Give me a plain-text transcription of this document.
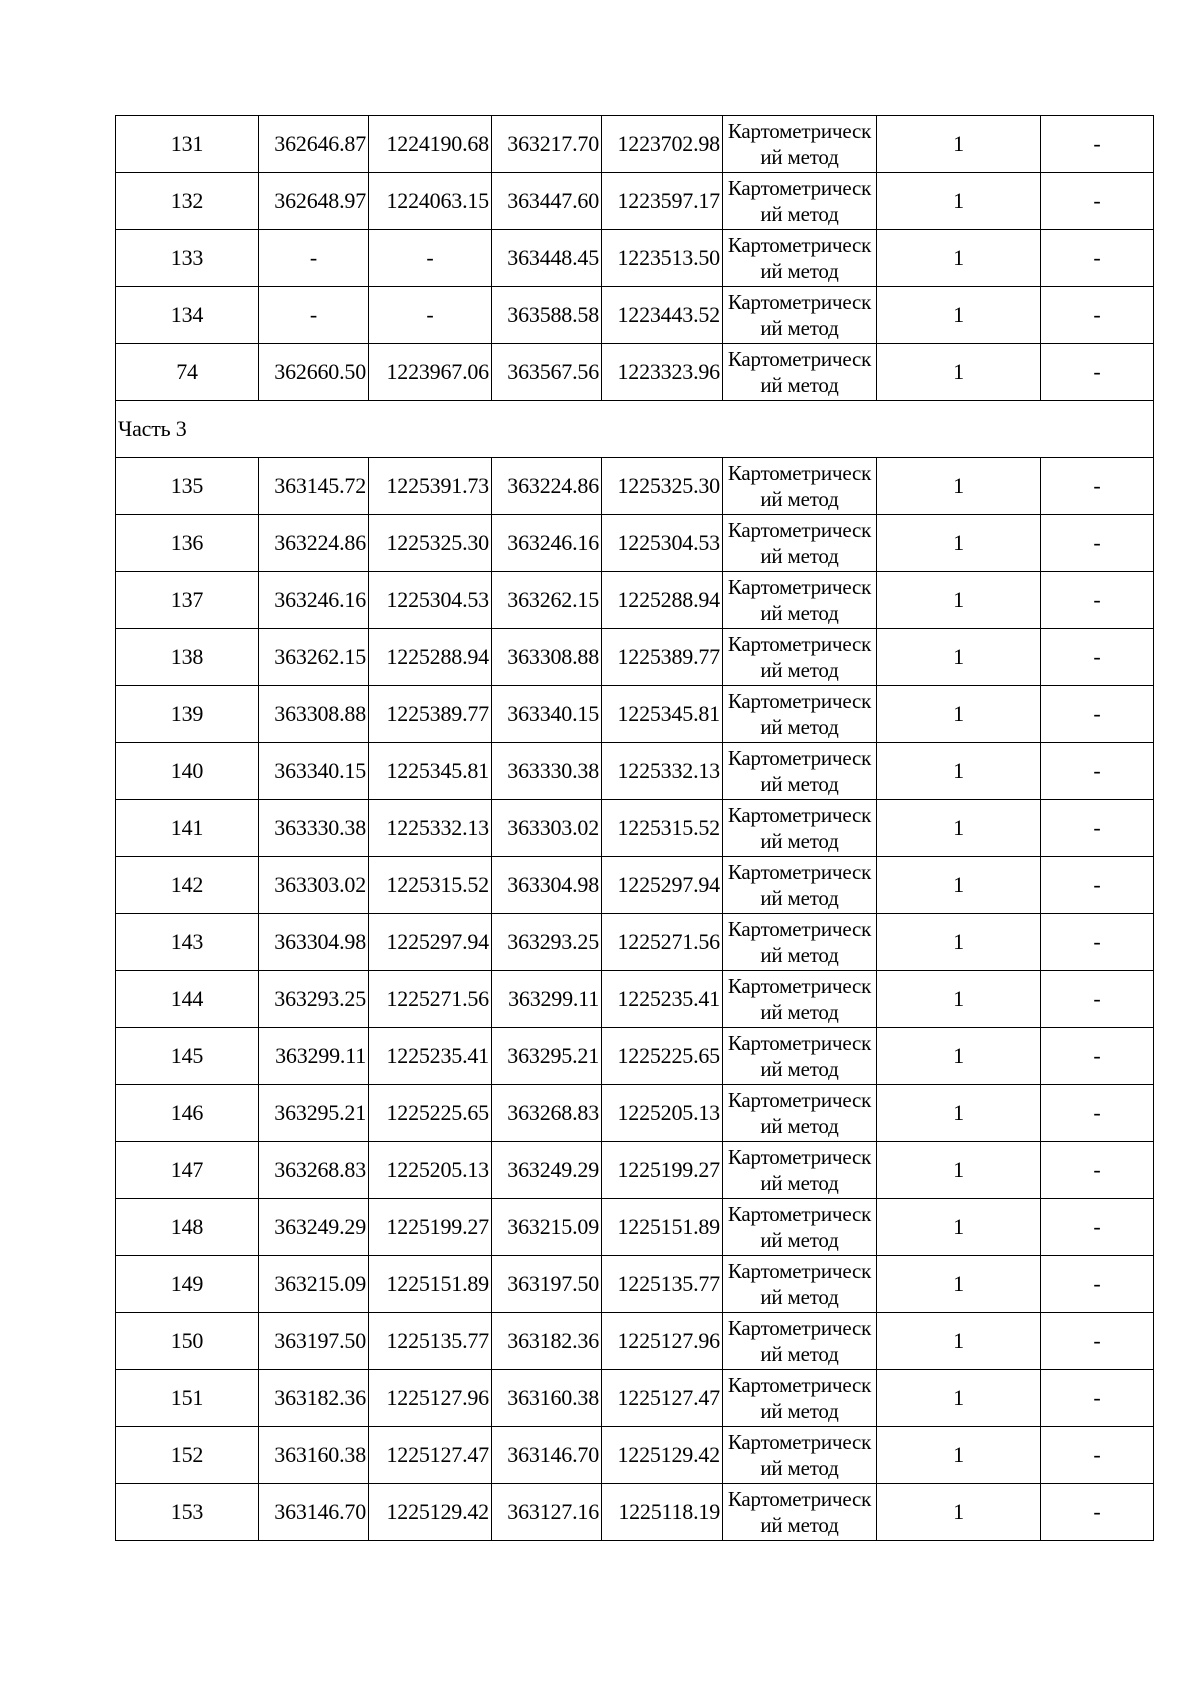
131	362646.87	1224190.68	363217.70	1223702.98	Картометрический метод	1	-
132	362648.97	1224063.15	363447.60	1223597.17	Картометрический метод	1	-
133	-	-	363448.45	1223513.50	Картометрический метод	1	-
134	-	-	363588.58	1223443.52	Картометрический метод	1	-
74	362660.50	1223967.06	363567.56	1223323.96	Картометрический метод	1	-
Часть 3							
135	363145.72	1225391.73	363224.86	1225325.30	Картометрический метод	1	-
136	363224.86	1225325.30	363246.16	1225304.53	Картометрический метод	1	-
137	363246.16	1225304.53	363262.15	1225288.94	Картометрический метод	1	-
138	363262.15	1225288.94	363308.88	1225389.77	Картометрический метод	1	-
139	363308.88	1225389.77	363340.15	1225345.81	Картометрический метод	1	-
140	363340.15	1225345.81	363330.38	1225332.13	Картометрический метод	1	-
141	363330.38	1225332.13	363303.02	1225315.52	Картометрический метод	1	-
142	363303.02	1225315.52	363304.98	1225297.94	Картометрический метод	1	-
143	363304.98	1225297.94	363293.25	1225271.56	Картометрический метод	1	-
144	363293.25	1225271.56	363299.11	1225235.41	Картометрический метод	1	-
145	363299.11	1225235.41	363295.21	1225225.65	Картометрический метод	1	-
146	363295.21	1225225.65	363268.83	1225205.13	Картометрический метод	1	-
147	363268.83	1225205.13	363249.29	1225199.27	Картометрический метод	1	-
148	363249.29	1225199.27	363215.09	1225151.89	Картометрический метод	1	-
149	363215.09	1225151.89	363197.50	1225135.77	Картометрический метод	1	-
150	363197.50	1225135.77	363182.36	1225127.96	Картометрический метод	1	-
151	363182.36	1225127.96	363160.38	1225127.47	Картометрический метод	1	-
152	363160.38	1225127.47	363146.70	1225129.42	Картометрический метод	1	-
153	363146.70	1225129.42	363127.16	1225118.19	Картометрический метод	1	-
